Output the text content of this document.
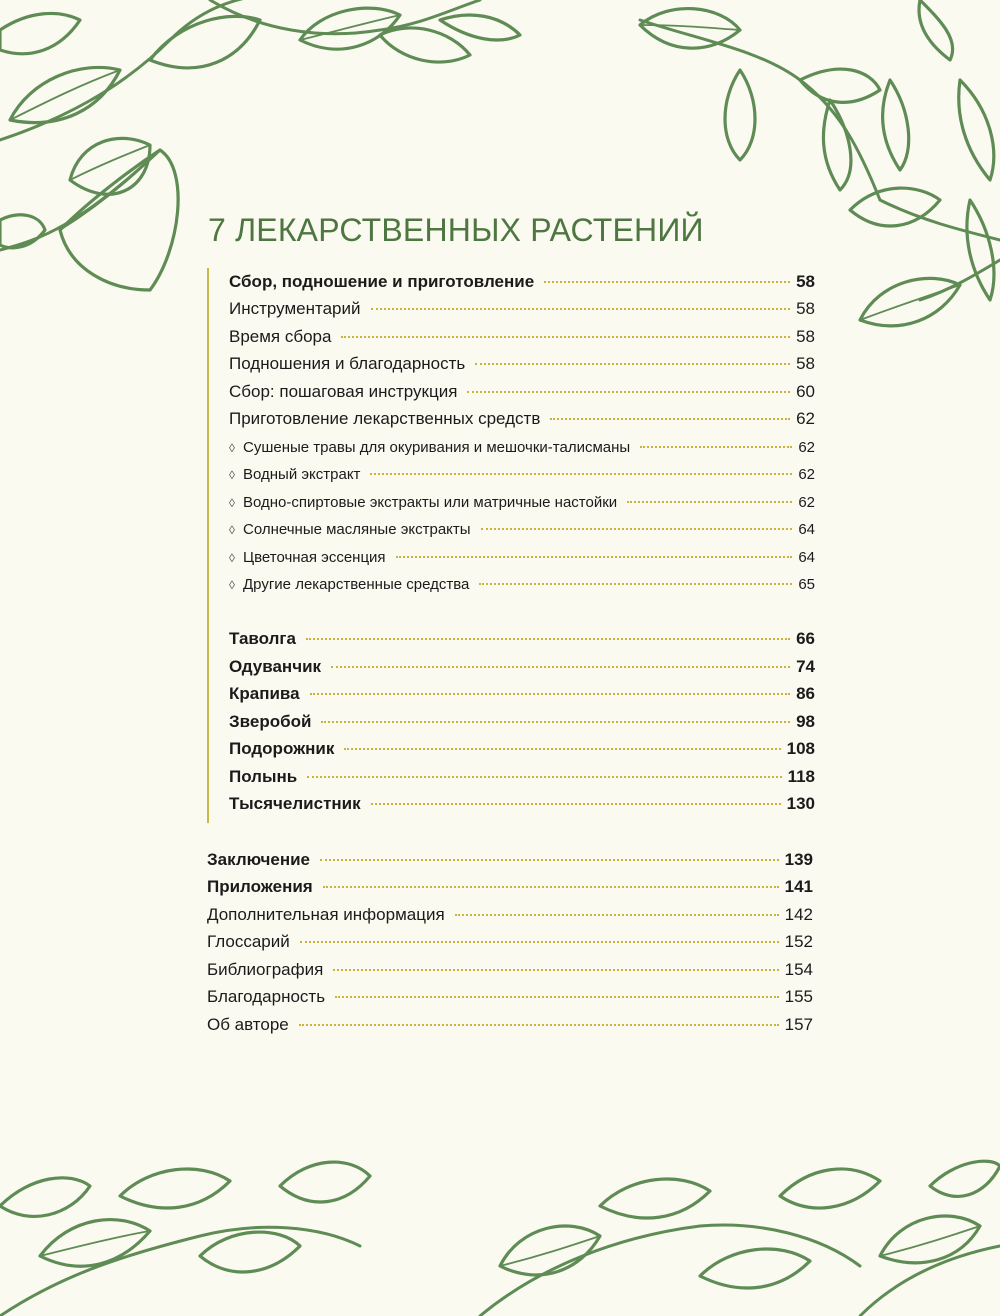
7 ЛЕКАРСТВЕННЫХ РАСТЕНИЙ
Сбор, подношение и приготовление	58
Инструментарий	58
Время сбора	58
Подношения и благодарность	58
Сбор: пошаговая инструкция	60
Приготовление лекарственных средств	62
◊ Сушеные травы для окуривания и мешочки-талисманы	62
◊ Водный экстракт	62
◊ Водно-спиртовые экстракты или матричные настойки	62
◊ Солнечные масляные экстракты	64
◊ Цветочная эссенция	64
◊ Другие лекарственные средства	65
Таволга	66
Одуванчик	74
Крапива	86
Зверобой	98
Подорожник	108
Полынь	118
Тысячелистник	130
Заключение	139
Приложения	141
Дополнительная информация	142
Глоссарий	152
Библиография	154
Благодарность	155
Об авторе	157
